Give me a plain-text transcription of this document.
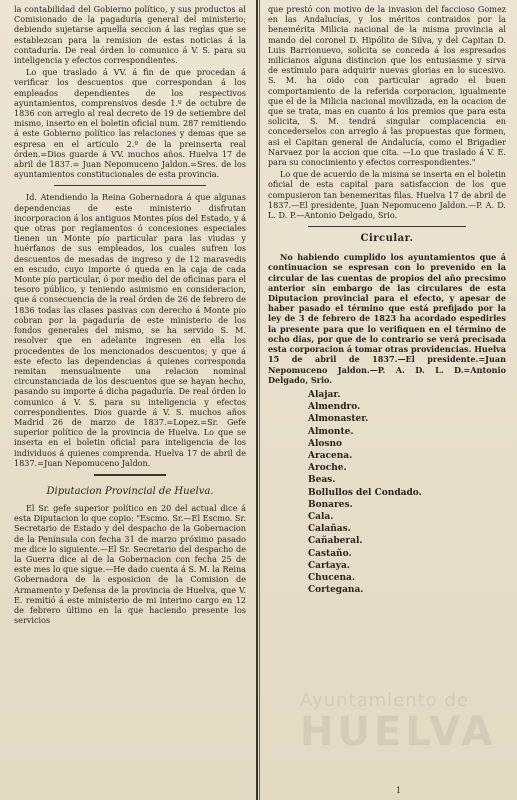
la contabilidad del Gobierno político, y sus productos al Comisionado de la pagaduría general del ministerio; debiendo sujetarse aquella seccion á las reglas que se establezcan para la remision de estas noticias á la contaduría. De real órden lo comunico á V. S. para su inteligencia y efectos correspondientes.

Lo que traslado á VV. á fin de que procedan á verificar los descuentos que correspondan á los empleados dependientes de los respectivos ayuntamientos, comprensivos desde 1.º de octubre de 1836 con arreglo al real decreto de 19 de setiembre del mismo, inserto en el boletin oficial num. 287 remitiendo á este Gobierno político las relaciones y demas que se espresa en el articulo 2.º de la preinserta real órden.=Dios guarde á VV. muchos años. Huelva 17 de abril de 1837.= Juan Nepomuceno Jaldon.=Sres. de los ayuntamientos constitucionales de esta provincia.

Id. Atendiendo la Reina Gobernadora á que algunas dependencias de este ministerio disfrutan incorporacion á los antiguos Montes píos del Estado, y á que otras por reglamentos ó concesiones especiales tienen un Monte pío particular para las viudas y huérfanos de sus empleados, los cuales sufren los descuentos de mesadas de ingreso y de 12 maravedis en escudo, cuyo importe ó queda en la caja de cada Monte pío particular, ó por medio del de oficinas para el tesoro público, y teniendo asimismo en consideracion, que á consecuencia de la real órden de 26 de febrero de 1836 todas las clases pasivas con derecho á Monte pío cobran por la pagaduría de este ministerio de los fondos generales del mismo, se ha servido S. M. resolver que en adelante ingresen en ella los procedentes de los mencionados descuentos; y que á este efecto las dependencias á quienes corresponda remitan mensualmente una relacion nominal circunstanciada de los descuentos que se hayan hecho, pasando su importe á dicha pagaduría. De real órden lo comunico á V. S. para su inteligencia y efectos correspondientes. Dios guarde á V. S. muchos años Madrid 26 de marzo de 1837.=Lopez.=Sr. Gefe superior político de la provincia de Huelva. Lo que se inserta en el boletin oficial para inteligencia de los individuos á quienes comprenda. Huelva 17 de abril de 1837.=Juan Nepomuceno Jaldon.

Diputacion Provincial de Huelva.

El Sr. gefe superior político en 20 del actual dice á esta Diputacion lo que copio: "Escmo. Sr.—El Escmo. Sr. Secretario de Estado y del despacho de la Gobernacion de la Península con fecha 31 de marzo próximo pasado me dice lo siguiente.—El Sr. Secretario del despacho de la Guerra dice al de la Gobernacion con fecha 25 de este mes lo que sigue.—He dado cuenta á S. M. la Reina Gobernadora de la esposicion de la Comision de Armamento y Defensa de la provincia de Huelva, que V. E. remitió á este ministerio de mi interino cargo en 12 de febrero último en la que haciendo presente los servicios

que prestó con motivo de la invasion del faccioso Gomez en las Andalucías, y los méritos contraidos por la benemérita Milicia nacional de la misma provincia al mando del coronel D. Hipólito de Silva, y del Capitan D. Luis Barrionuevo, solicita se conceda á los espresados milicianos alguna distincion que los entusiasme y sirva de estímulo para adquirir nuevas glorias en lo sucesivo. S. M. ha oido con particular agrado el buen comportamiento de la referida corporacion, igualmente que el de la Milicia nacional movilizada, en la ocacion de que se trata, mas en cuanto á los premios que para esta solicita, S. M. tendrá singular complacencia en concederselos con arreglo á las propuestas que formen, asi el Capitan general de Andalucía, como el Brigadier Narvaez por la accion que cita. —Lo que traslado á V. E. para su conocimiento y efectos correspondientes."

Lo que de acuerdo de la misma se inserta en el boletin oficial de esta capital para satisfaccion de los que compusieron tan benemeritas filas. Huelva 17 de abril de 1837.—El presidente, Juan Nepomuceno Jaldon.—P. A. D. L. D. P.—Antonio Delgado, Srio.

Circular.

No habiendo cumplido los ayuntamientos que á continuacion se espresan con lo prevenido en la circular de las cuentas de propios del año precsimo anterior sin embargo de las circulares de esta Diputacion provincial para el efecto, y apesar de haber pasado el término que está prefijado por la ley de 3 de febrero de 1823 ha acordado espedirles la presente para que lo verifiquen en el término de ocho dias, por que de lo contrario se verá precisada esta corporacion á tomar otras providencias. Huelva 15 de abril de 1837.—El presidente.=Juan Nepomuceno Jaldon.—P. A. D. L. D.=Antonio Delgado, Srio.

Alajar.
Almendro.
Almonaster.
Almonte.
Alosno
Aracena.
Aroche.
Beas.
Bollullos del Condado.
Bonares.
Cala.
Calañas.
Cañaberal.
Castaño.
Cartaya.
Chucena.
Cortegana.
Ayuntamiento de
HUELVA
1
